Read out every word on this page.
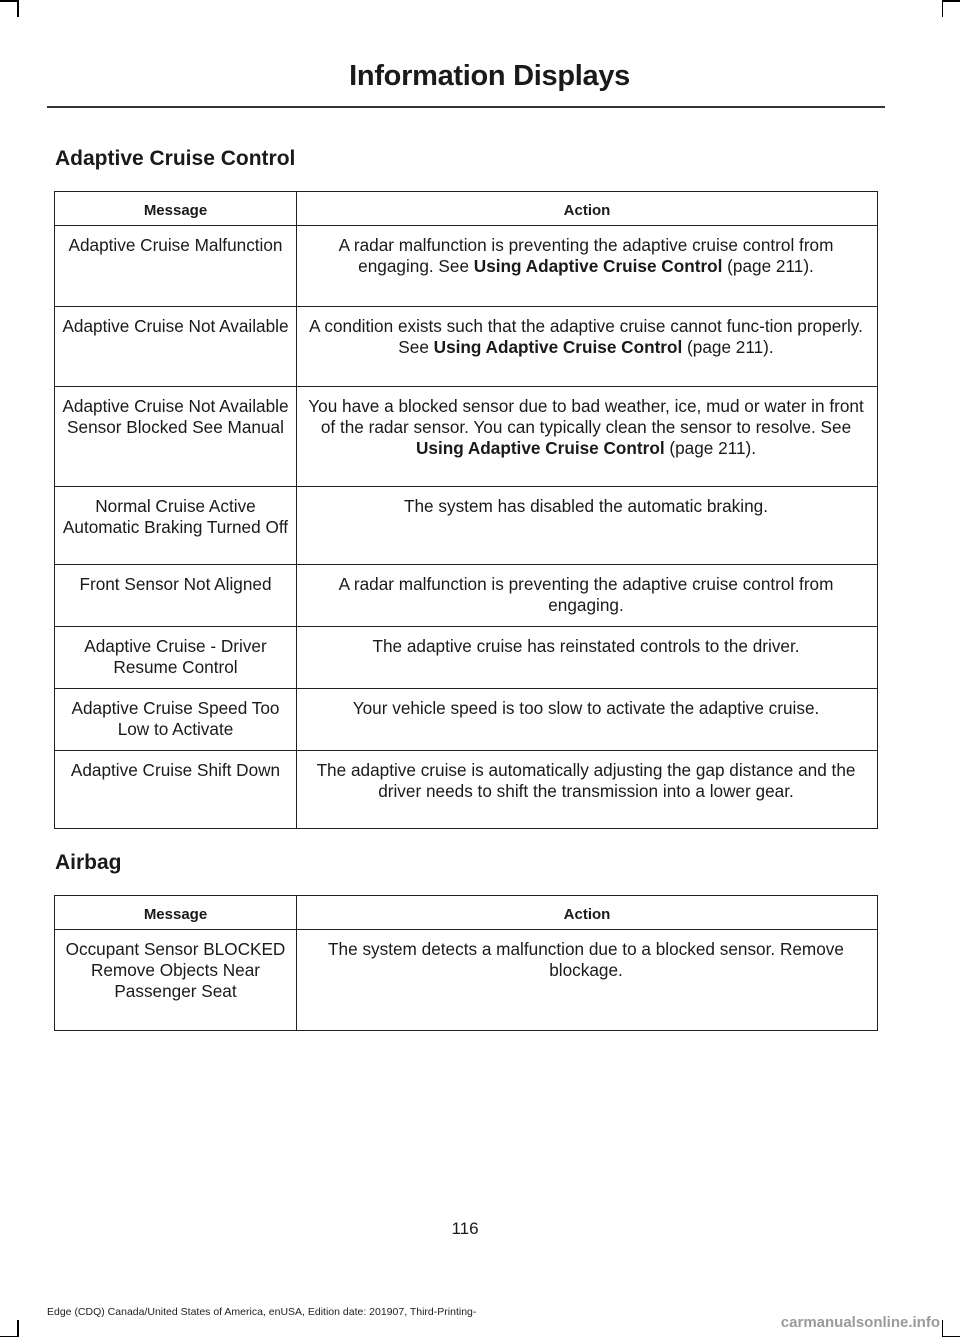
Information Displays
Adaptive Cruise Control
Message	Action
Adaptive Cruise Malfunction	A radar malfunction is preventing the adaptive cruise control from engaging. See Using Adaptive Cruise Control (page 211).
Adaptive Cruise Not Available	A condition exists such that the adaptive cruise cannot func-tion properly. See Using Adaptive Cruise Control (page 211).
Adaptive Cruise Not Available Sensor Blocked See Manual	You have a blocked sensor due to bad weather, ice, mud or water in front of the radar sensor. You can typically clean the sensor to resolve. See Using Adaptive Cruise Control (page 211).
Normal Cruise Active Automatic Braking Turned Off	The system has disabled the automatic braking.
Front Sensor Not Aligned	A radar malfunction is preventing the adaptive cruise control from engaging.
Adaptive Cruise - Driver Resume Control	The adaptive cruise has reinstated controls to the driver.
Adaptive Cruise Speed Too Low to Activate	Your vehicle speed is too slow to activate the adaptive cruise.
Adaptive Cruise Shift Down	The adaptive cruise is automatically adjusting the gap distance and the driver needs to shift the transmission into a lower gear.
Airbag
Message	Action
Occupant Sensor BLOCKED Remove Objects Near Passenger Seat	The system detects a malfunction due to a blocked sensor. Remove blockage.
116
Edge (CDQ) Canada/United States of America, enUSA, Edition date: 201907, Third-Printing-
carmanualsonline.info
